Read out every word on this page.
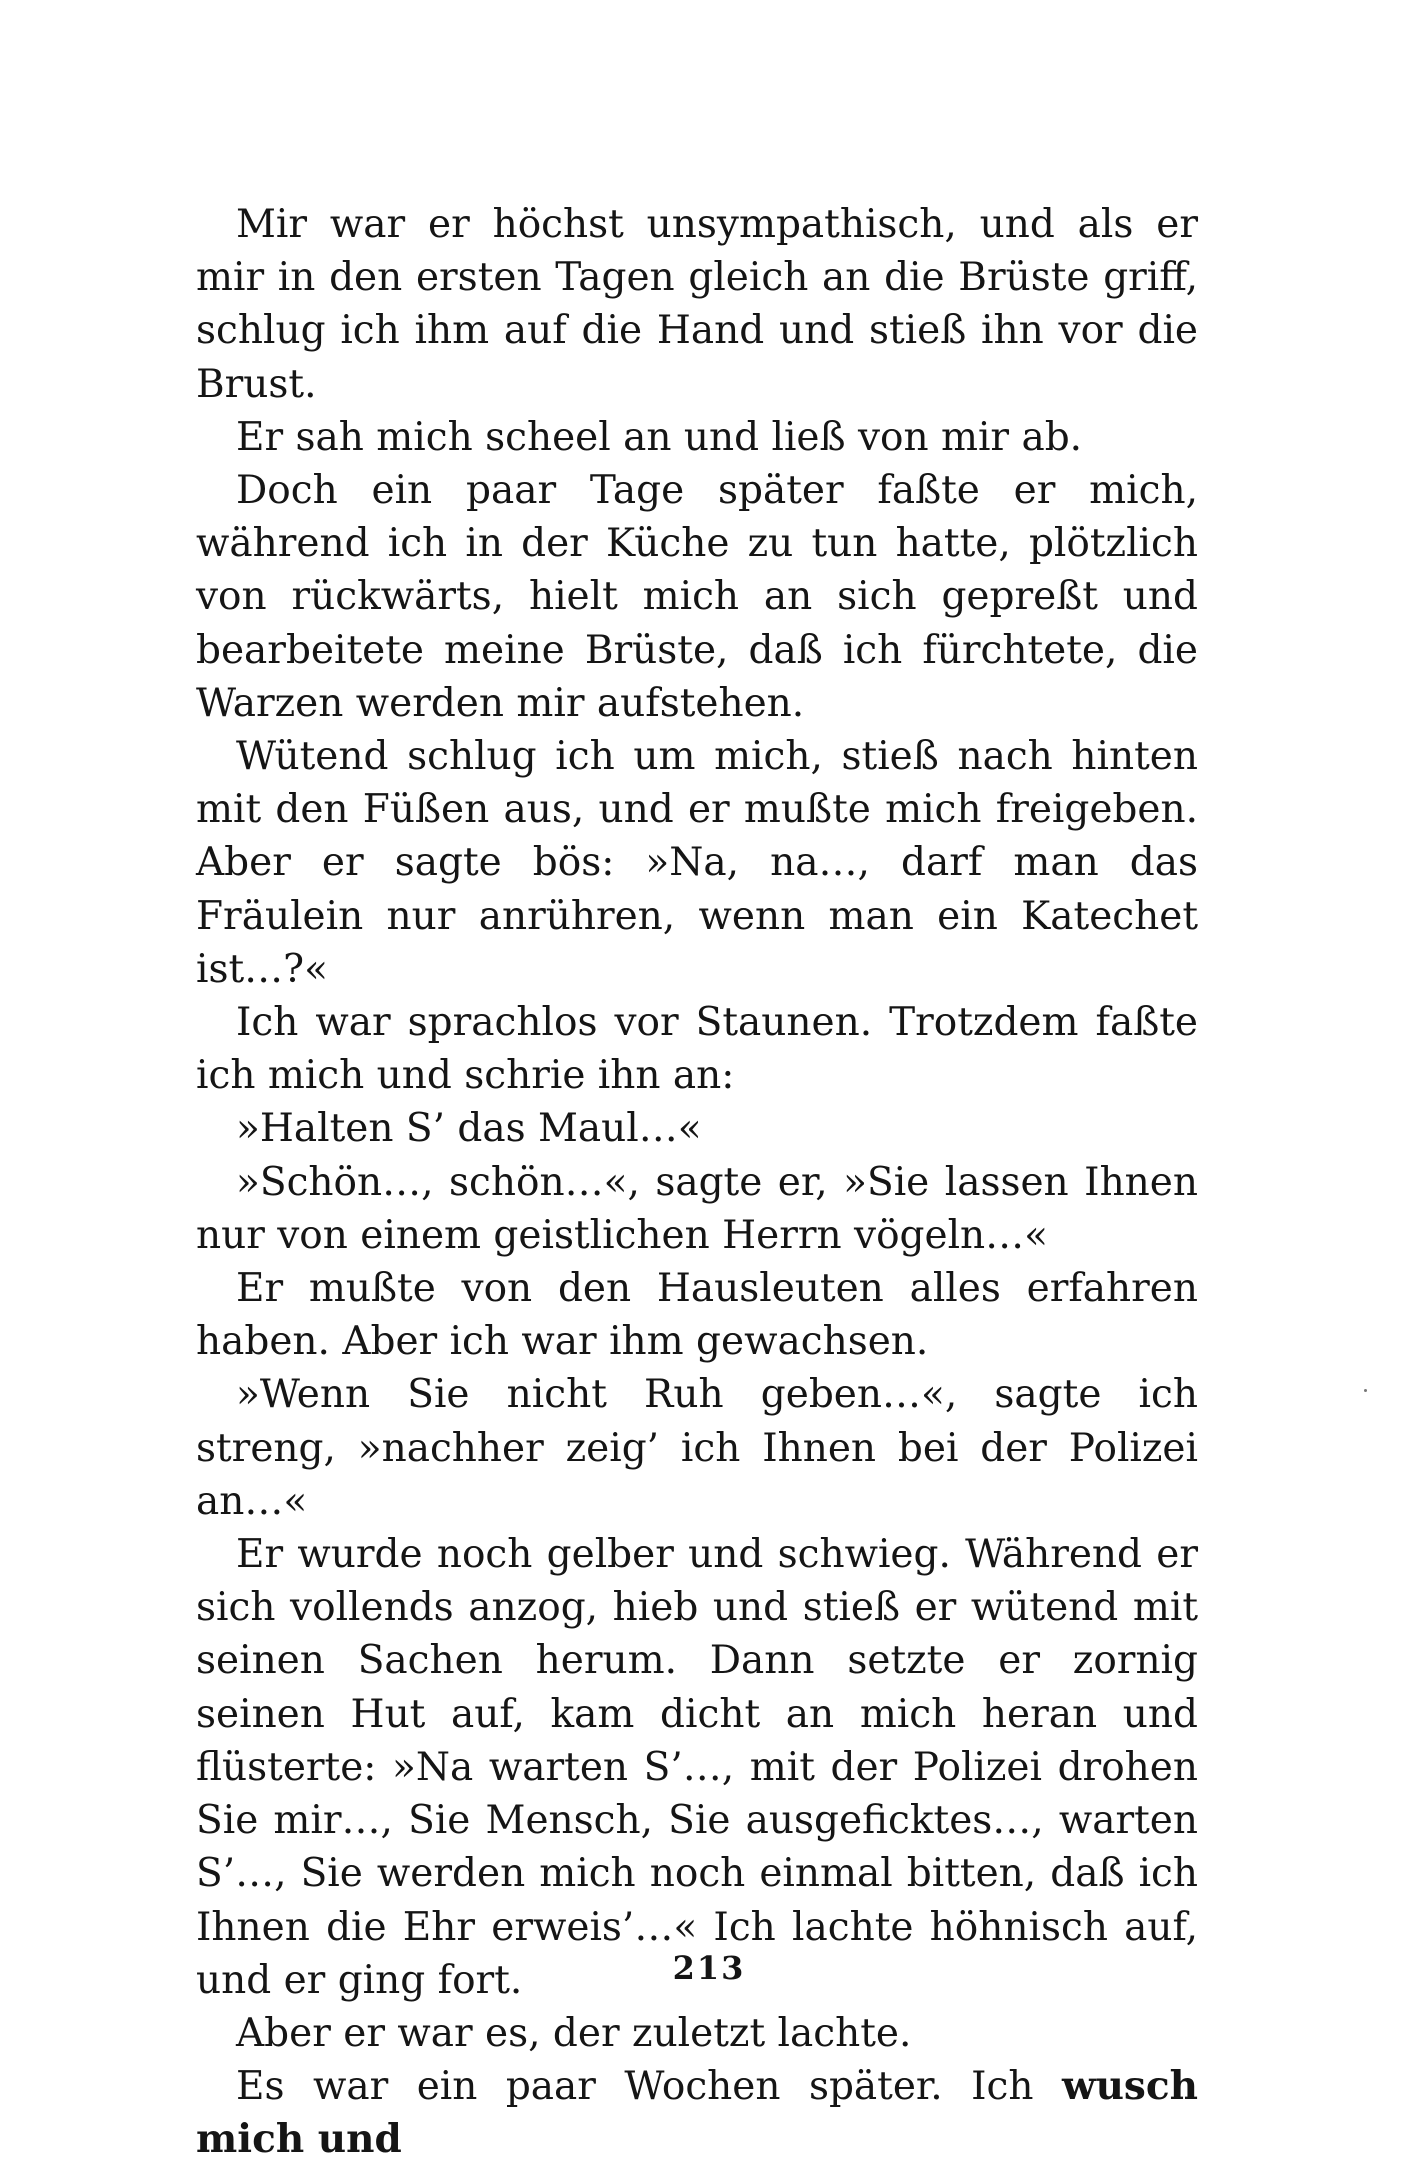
Mir war er höchst unsympathisch, und als er mir in den ersten Tagen gleich an die Brüste griff, schlug ich ihm auf die Hand und stieß ihn vor die Brust.

Er sah mich scheel an und ließ von mir ab.

Doch ein paar Tage später faßte er mich, während ich in der Küche zu tun hatte, plötzlich von rückwärts, hielt mich an sich gepreßt und bearbeitete meine Brüste, daß ich fürchtete, die Warzen werden mir aufstehen.

Wütend schlug ich um mich, stieß nach hinten mit den Füßen aus, und er mußte mich freigeben. Aber er sagte bös: »Na, na…, darf man das Fräulein nur anrühren, wenn man ein Katechet ist…?«

Ich war sprachlos vor Staunen. Trotzdem faßte ich mich und schrie ihn an:

»Halten S’ das Maul…«

»Schön…, schön…«, sagte er, »Sie lassen Ihnen nur von einem geistlichen Herrn vögeln…«

Er mußte von den Hausleuten alles erfahren haben. Aber ich war ihm gewachsen.

»Wenn Sie nicht Ruh geben…«, sagte ich streng, »nachher zeig’ ich Ihnen bei der Polizei an…«

Er wurde noch gelber und schwieg. Während er sich vollends anzog, hieb und stieß er wütend mit seinen Sachen herum. Dann setzte er zornig seinen Hut auf, kam dicht an mich heran und flüsterte: »Na warten S’…, mit der Polizei drohen Sie mir…, Sie Mensch, Sie ausgeficktes…, warten S’…, Sie werden mich noch einmal bitten, daß ich Ihnen die Ehr erweis’…« Ich lachte höhnisch auf, und er ging fort.

Aber er war es, der zuletzt lachte.

Es war ein paar Wochen später. Ich wusch mich und

213
